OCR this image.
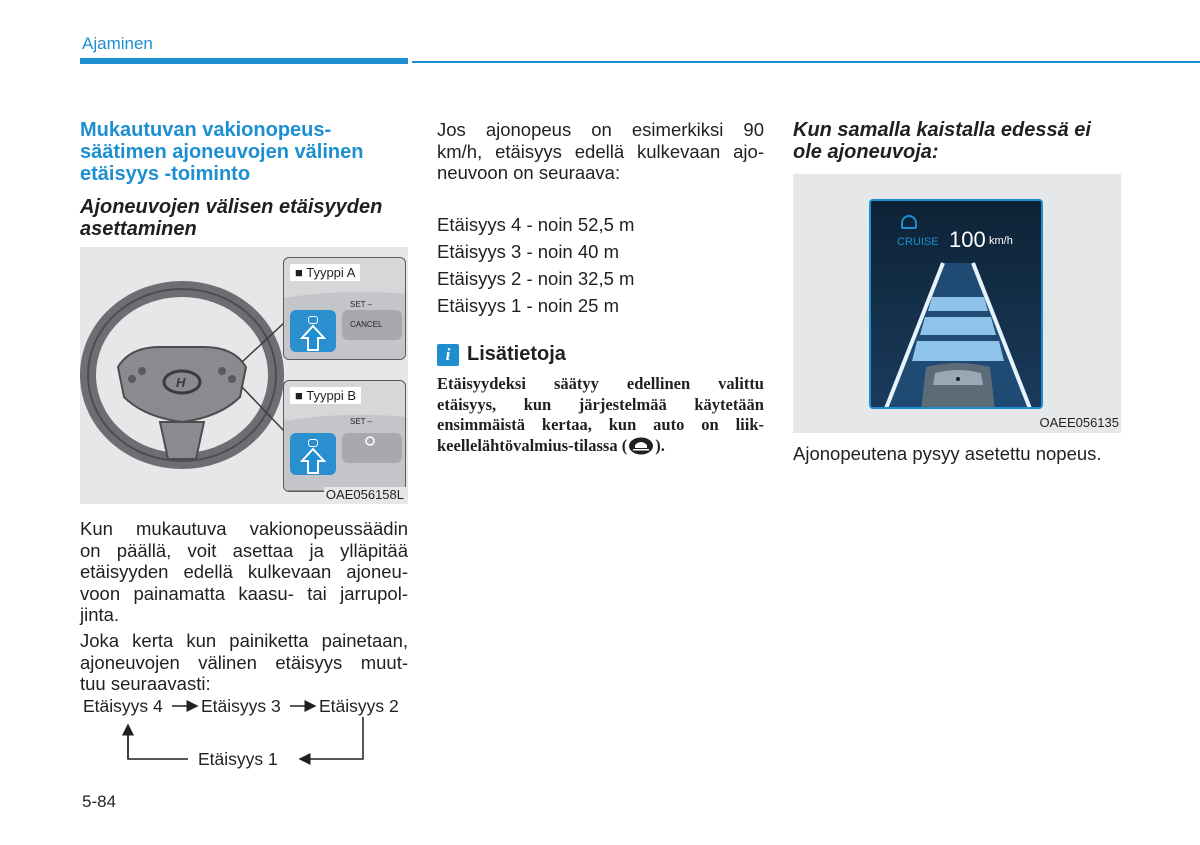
Ajaminen
Mukautuvan vakionopeus-
säätimen ajoneuvojen välinen
etäisyys -toiminto
Ajoneuvojen välisen etäisyyden
asettaminen
H
■ Tyyppi A
SET –
CANCEL
■ Tyyppi B
SET –
OAE056158L
Kun mukautuva vakionopeussäädin
on päällä, voit asettaa ja ylläpitää
etäisyyden edellä kulkevaan ajoneu-
voon painamatta kaasu- tai jarrupol-
jinta.
Joka kerta kun painiketta painetaan,
ajoneuvojen välinen etäisyys muut-
tuu seuraavasti:
Etäisyys 4 Etäisyys 3 Etäisyys 2
Etäisyys 1
Jos ajonopeus on esimerkiksi 90
km/h, etäisyys edellä kulkevaan ajo-
neuvoon on seuraava:
Etäisyys 4 - noin 52,5 m
Etäisyys 3 - noin 40 m
Etäisyys 2 - noin 32,5 m
Etäisyys 1 - noin 25 m
i Lisätietoja
Etäisyydeksi säätyy edellinen valittu
etäisyys, kun järjestelmää käytetään
ensimmäistä kertaa, kun auto on liik-
keellelähtövalmius-tilassa ( ).
Kun samalla kaistalla edessä ei
ole ajoneuvoja:
CRUISE 100 km/h
OAEE056135
Ajonopeutena pysyy asetettu nopeus.
5-84
